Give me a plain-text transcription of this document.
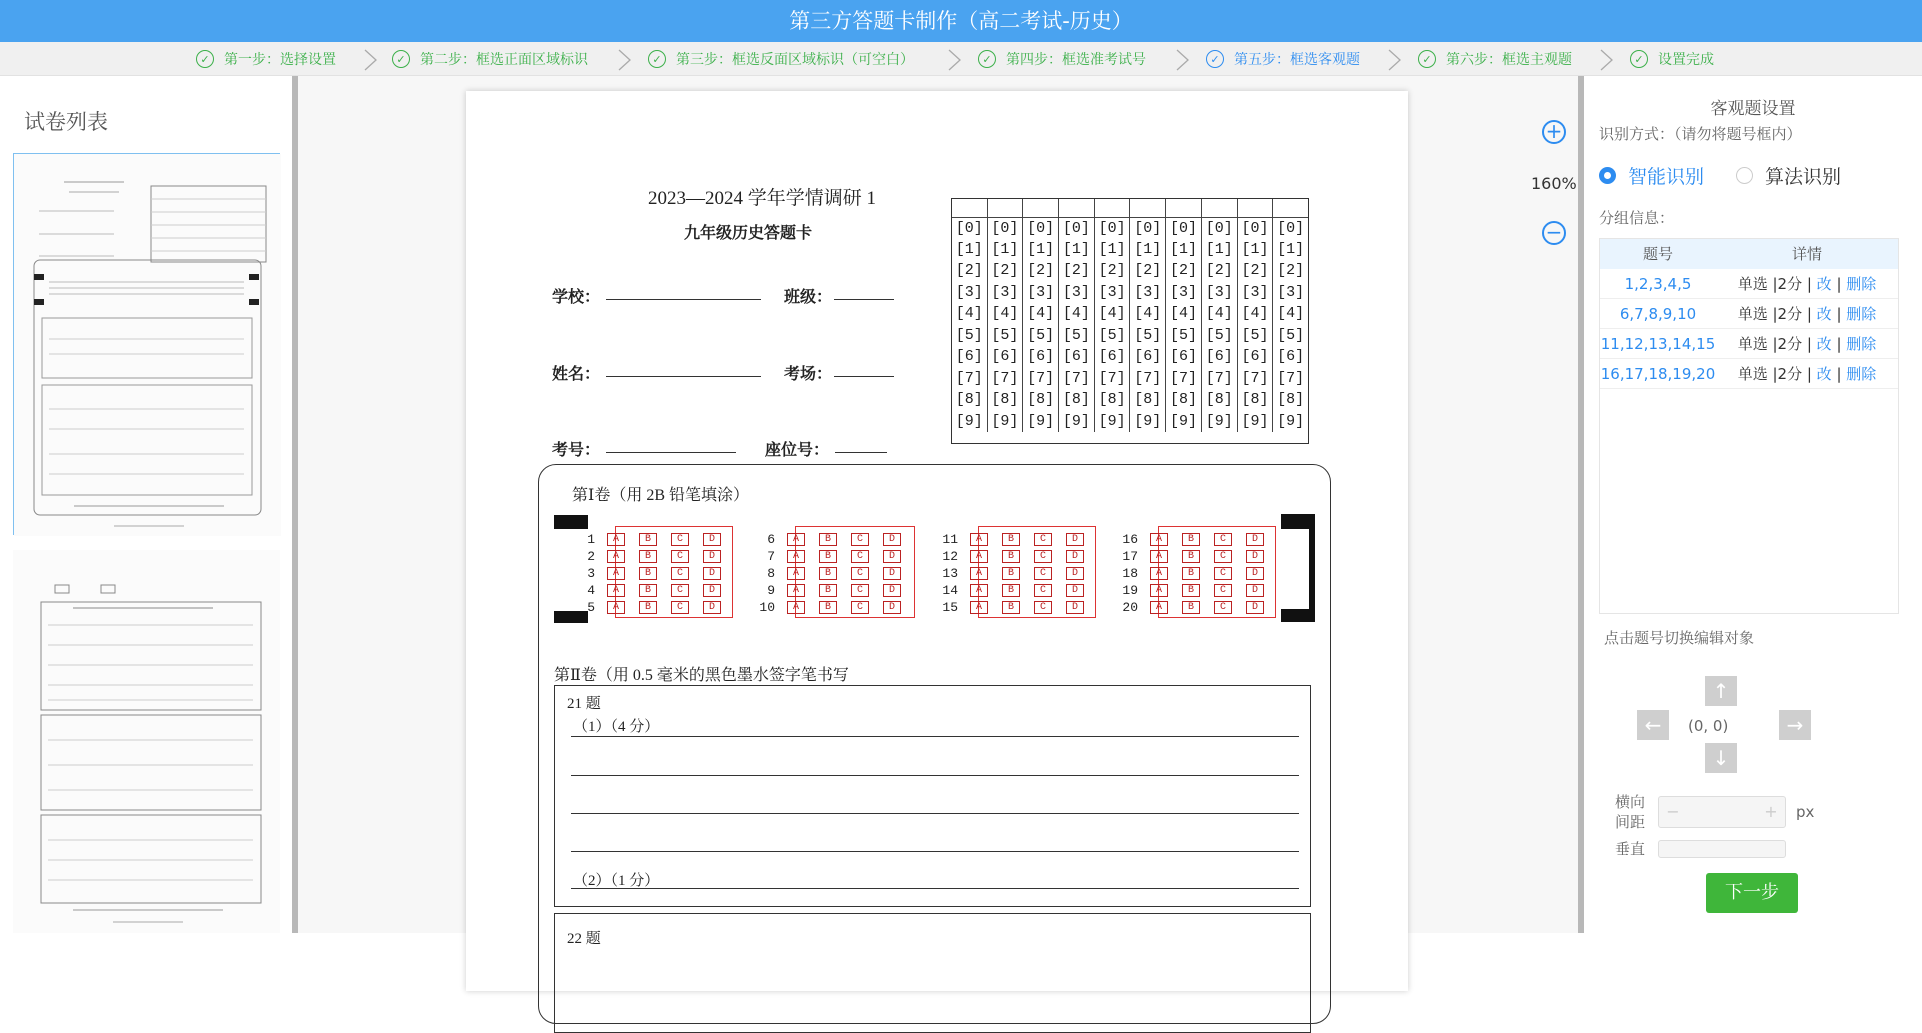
第三方答题卡制作（高二考试-历史）
✓	第一步：选择设置	✓	第二步：框选正面区域标识	✓	第三步：框选反面区域标识（可空白）	✓	第四步：框选准考试号	✓	第五步：框选客观题	✓	第六步：框选主观题	✓	设置完成
试卷列表
2023—2024 学年学情调研 1
九年级历史答题卡
学校：	班级：
姓名：	考场：
考号：	座位号：

[0]	[0]	[0]	[0]	[0]	[0]	[0]	[0]	[0]	[0]
[1]	[1]	[1]	[1]	[1]	[1]	[1]	[1]	[1]	[1]
[2]	[2]	[2]	[2]	[2]	[2]	[2]	[2]	[2]	[2]
[3]	[3]	[3]	[3]	[3]	[3]	[3]	[3]	[3]	[3]
[4]	[4]	[4]	[4]	[4]	[4]	[4]	[4]	[4]	[4]
[5]	[5]	[5]	[5]	[5]	[5]	[5]	[5]	[5]	[5]
[6]	[6]	[6]	[6]	[6]	[6]	[6]	[6]	[6]	[6]
[7]	[7]	[7]	[7]	[7]	[7]	[7]	[7]	[7]	[7]
[8]	[8]	[8]	[8]	[8]	[8]	[8]	[8]	[8]	[8]
[9]	[9]	[9]	[9]	[9]	[9]	[9]	[9]	[9]	[9]
第Ⅰ卷（用 2B 铅笔填涂）
1	A	B	C	D
2	A	B	C	D
3	A	B	C	D
4	A	B	C	D
5	A	B	C	D
6	A	B	C	D
7	A	B	C	D
8	A	B	C	D
9	A	B	C	D
10	A	B	C	D
11	A	B	C	D
12	A	B	C	D
13	A	B	C	D
14	A	B	C	D
15	A	B	C	D
16	A	B	C	D
17	A	B	C	D
18	A	B	C	D
19	A	B	C	D
20	A	B	C	D
第Ⅱ卷（用 0.5 毫米的黑色墨水签字笔书写
21 题
（1）（4 分）
（2）（1 分）
22 题
+
160%
−
客观题设置
识别方式：（请勿将题号框内）
智能识别	算法识别
分组信息：
题号	详情
1,2,3,4,5	单选 |2分 | 改 | 删除
6,7,8,9,10	单选 |2分 | 改 | 删除
11,12,13,14,15	单选 |2分 | 改 | 删除
16,17,18,19,20	单选 |2分 | 改 | 删除
点击题号切换编辑对象
↑
←	(0, 0)	→
↓
横向间距
−	+	px
垂直
下一步
